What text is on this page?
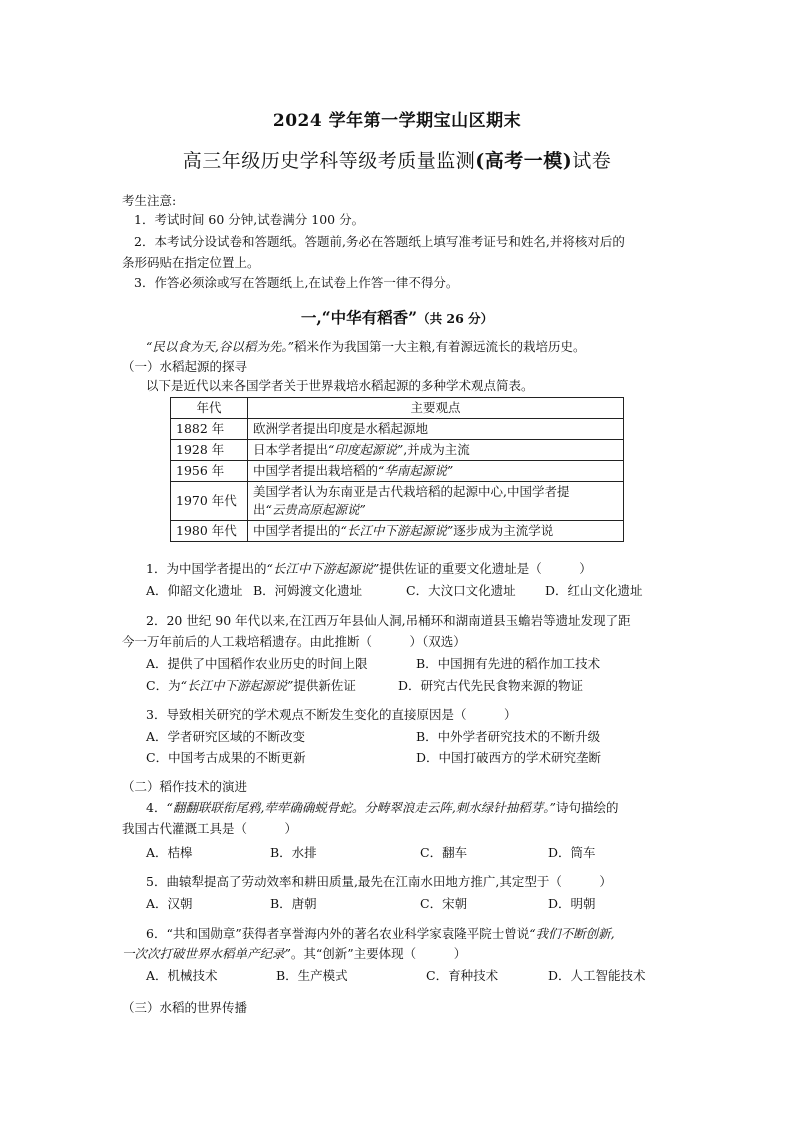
2024 学年第一学期宝山区期末
高三年级历史学科等级考质量监测(高考一模)试卷
考生注意:
1．考试时间 60 分钟,试卷满分 100 分。
2．本考试分设试卷和答题纸。答题前,务必在答题纸上填写准考证号和姓名,并将核对后的
条形码贴在指定位置上。
3．作答必须涂或写在答题纸上,在试卷上作答一律不得分。
一,“中华有稻香”（共 26 分）
“民以食为天,谷以稻为先。”稻米作为我国第一大主粮,有着源远流长的栽培历史。
（一）水稻起源的探寻
以下是近代以来各国学者关于世界栽培水稻起源的多种学术观点简表。
年代	主要观点
1882 年	欧洲学者提出印度是水稻起源地
1928 年	日本学者提出“印度起源说”,并成为主流
1956 年	中国学者提出栽培稻的“华南起源说”
1970 年代	美国学者认为东南亚是古代栽培稻的起源中心,中国学者提
出“云贵高原起源说”
1980 年代	中国学者提出的“长江中下游起源说”逐步成为主流学说
1．为中国学者提出的“长江中下游起源说”提供佐证的重要文化遗址是（　　　）
A．仰韶文化遗址 B．河姆渡文化遗址	C．大汶口文化遗址 D．红山文化遗址
2．20 世纪 90 年代以来,在江西万年县仙人洞,吊桶环和湖南道县玉蟾岩等遗址发现了距
今一万年前后的人工栽培稻遗存。由此推断（　　　）（双选）
A．提供了中国稻作农业历史的时间上限	B．中国拥有先进的稻作加工技术
C．为“长江中下游起源说”提供新佐证	D．研究古代先民食物来源的物证
3．导致相关研究的学术观点不断发生变化的直接原因是（　　　）
A．学者研究区域的不断改变	B．中外学者研究技术的不断升级
C．中国考古成果的不断更新	D．中国打破西方的学术研究垄断
（二）稻作技术的演进
4．“翻翻联联衔尾鸦,荦荦确确蜕骨蛇。分畴翠浪走云阵,刺水绿针抽稻芽。”诗句描绘的
我国古代灌溉工具是（　　　）
A．桔槔	B．水排	C．翻车	D．筒车
5．曲辕犁提高了劳动效率和耕田质量,最先在江南水田地方推广,其定型于（　　　）
A．汉朝	B．唐朝	C．宋朝	D．明朝
6．“共和国勋章”获得者享誉海内外的著名农业科学家袁隆平院士曾说“我们不断创新,
一次次打破世界水稻单产纪录”。其“创新”主要体现（　　　）
A．机械技术	B．生产模式	C．育种技术	D．人工智能技术
（三）水稻的世界传播
